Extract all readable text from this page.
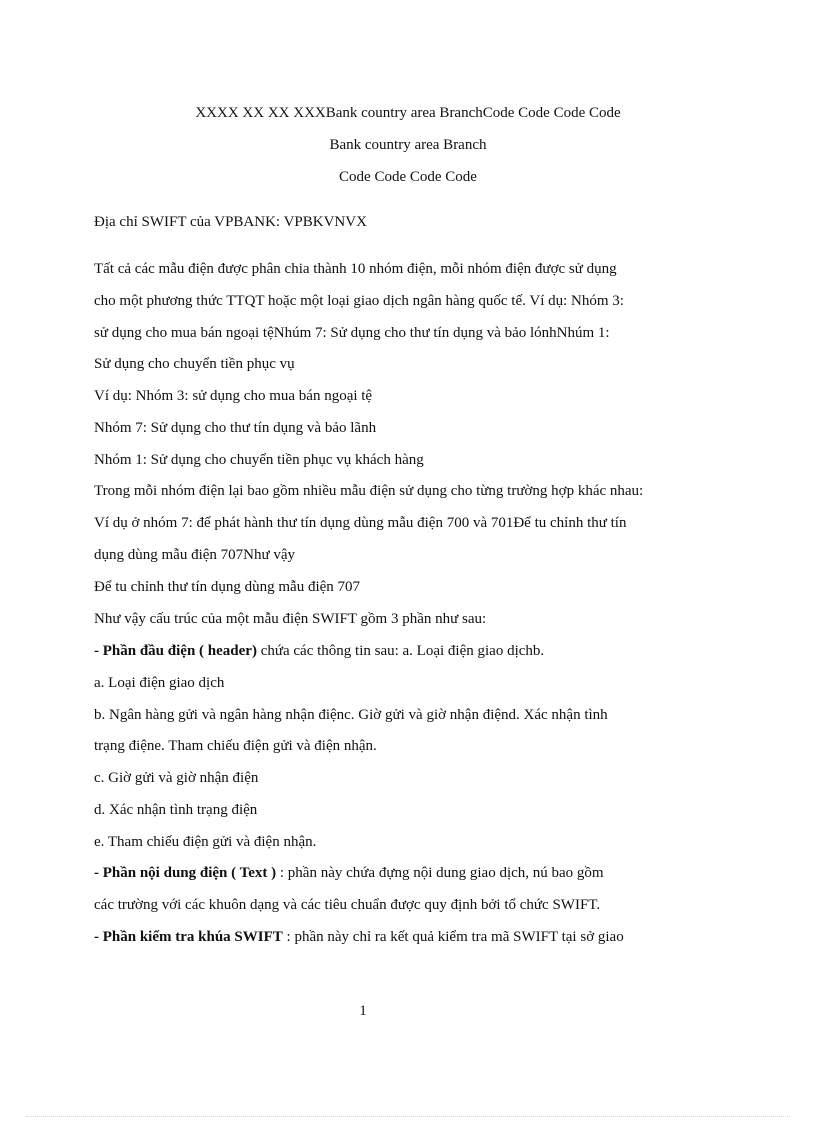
XXXX XX XX XXXBank country area BranchCode Code Code Code
Bank country area Branch
Code Code Code Code
Địa chỉ SWIFT của VPBANK: VPBKVNVX
Tất cả các mẫu điện được phân chia thành 10 nhóm điện, mỗi nhóm điện được sử dụng
cho một phương thức TTQT hoặc một loại giao dịch ngân hàng quốc tế. Ví dụ: Nhóm 3:
sử dụng cho mua bán ngoại tệNhúm 7: Sử dụng cho thư tín dụng và bảo lónhNhúm 1:
Sử dụng cho chuyển tiền phục vụ
Ví dụ: Nhóm 3: sử dụng cho mua bán ngoại tệ
Nhóm 7: Sử dụng cho thư tín dụng và bảo lãnh
Nhóm 1: Sử dụng cho chuyển tiền phục vụ khách hàng
Trong mỗi nhóm điện lại bao gồm nhiều mẫu điện sử dụng cho từng trường hợp khác nhau:
Ví dụ ở nhóm 7: để phát hành thư tín dụng dùng mẫu điện 700 và 701Để tu chỉnh thư tín
dụng dùng mẫu điện 707Như vậy
Để tu chỉnh thư tín dụng dùng mẫu điện 707
Như vậy cấu trúc của một mẫu điện SWIFT gồm 3 phần như sau:
- Phần đầu điện ( header) chứa các thông tin sau: a. Loại điện giao dịchb.
a. Loại điện giao dịch
b. Ngân hàng gửi và ngân hàng nhận điệnc. Giờ gửi và giờ nhận điệnd. Xác nhận tình
trạng điệne. Tham chiếu điện gửi và điện nhận.
c. Giờ gửi và giờ nhận điện
d. Xác nhận tình trạng điện
e. Tham chiếu điện gửi và điện nhận.
- Phần nội dung điện ( Text ) : phần này chứa đựng nội dung giao dịch, nú bao gồm
các trường với các khuôn dạng và các tiêu chuẩn được quy định bởi tổ chức SWIFT.
- Phần kiểm tra khúa SWIFT : phần này chỉ ra kết quả kiểm tra mã SWIFT tại sở giao
1
